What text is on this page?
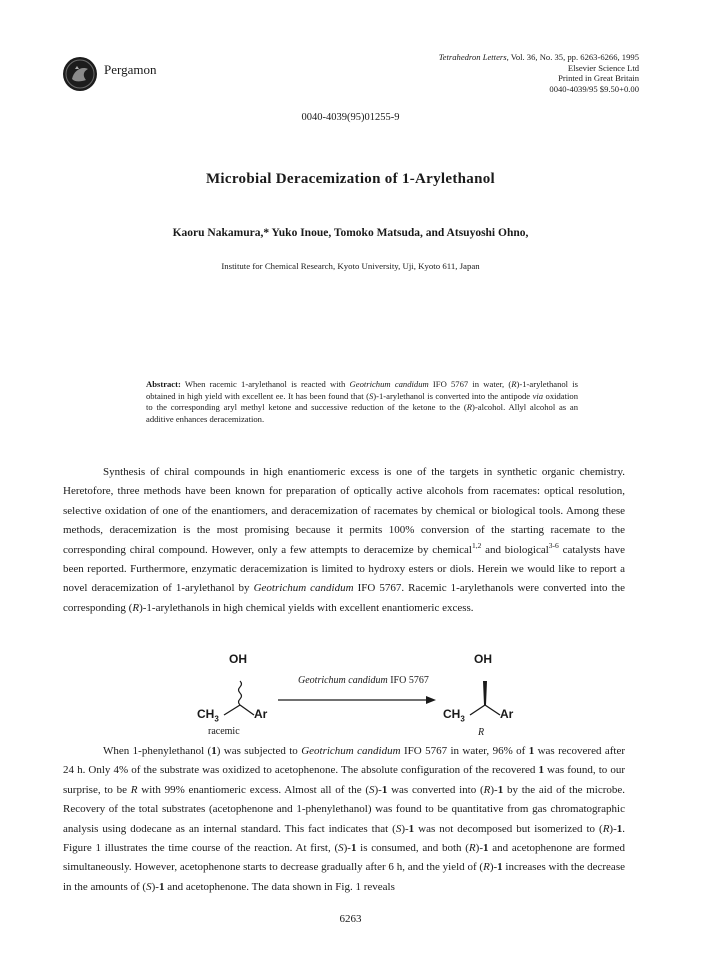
Pergamon
Tetrahedron Letters, Vol. 36, No. 35, pp. 6263-6266, 1995
Elsevier Science Ltd
Printed in Great Britain
0040-4039/95 $9.50+0.00
0040-4039(95)01255-9
Microbial Deracemization of 1-Arylethanol
Kaoru Nakamura,* Yuko Inoue, Tomoko Matsuda, and Atsuyoshi Ohno,
Institute for Chemical Research, Kyoto University, Uji, Kyoto 611, Japan
Abstract: When racemic 1-arylethanol is reacted with Geotrichum candidum IFO 5767 in water, (R)-1-arylethanol is obtained in high yield with excellent ee. It has been found that (S)-1-arylethanol is converted into the antipode via oxidation to the corresponding aryl methyl ketone and successive reduction of the ketone to the (R)-alcohol. Allyl alcohol as an additive enhances deracemization.
Synthesis of chiral compounds in high enantiomeric excess is one of the targets in synthetic organic chemistry. Heretofore, three methods have been known for preparation of optically active alcohols from racemates: optical resolution, selective oxidation of one of the enantiomers, and deracemization of racemates by chemical or biological tools. Among these methods, deracemization is the most promising because it permits 100% conversion of the starting racemate to the corresponding chiral compound. However, only a few attempts to deracemize by chemical$^{1,2}$ and biological$^{3-6}$ catalysts have been reported. Furthermore, enzymatic deracemization is limited to hydroxy esters or diols. Herein we would like to report a novel deracemization of 1-arylethanol by Geotrichum candidum IFO 5767. Racemic 1-arylethanols were converted into the corresponding (R)-1-arylethanols in high chemical yields with excellent enantiomeric excess.
OH
$CH_3$	Ar
racemic
Geotrichum candidum IFO 5767
OH
$CH_3$	Ar
R
When 1-phenylethanol (1) was subjected to Geotrichum candidum IFO 5767 in water, 96% of 1 was recovered after 24 h. Only 4% of the substrate was oxidized to acetophenone. The absolute configuration of the recovered 1 was found, to our surprise, to be R with 99% enantiomeric excess. Almost all of the (S)-1 was converted into (R)-1 by the aid of the microbe. Recovery of the total substrates (acetophenone and 1-phenylethanol) was found to be quantitative from gas chromatographic analysis using dodecane as an internal standard. This fact indicates that (S)-1 was not decomposed but isomerized to (R)-1. Figure 1 illustrates the time course of the reaction. At first, (S)-1 is consumed, and both (R)-1 and acetophenone are formed simultaneously. However, acetophenone starts to decrease gradually after 6 h, and the yield of (R)-1 increases with the decrease in the amounts of (S)-1 and acetophenone. The data shown in Fig. 1 reveals
6263
